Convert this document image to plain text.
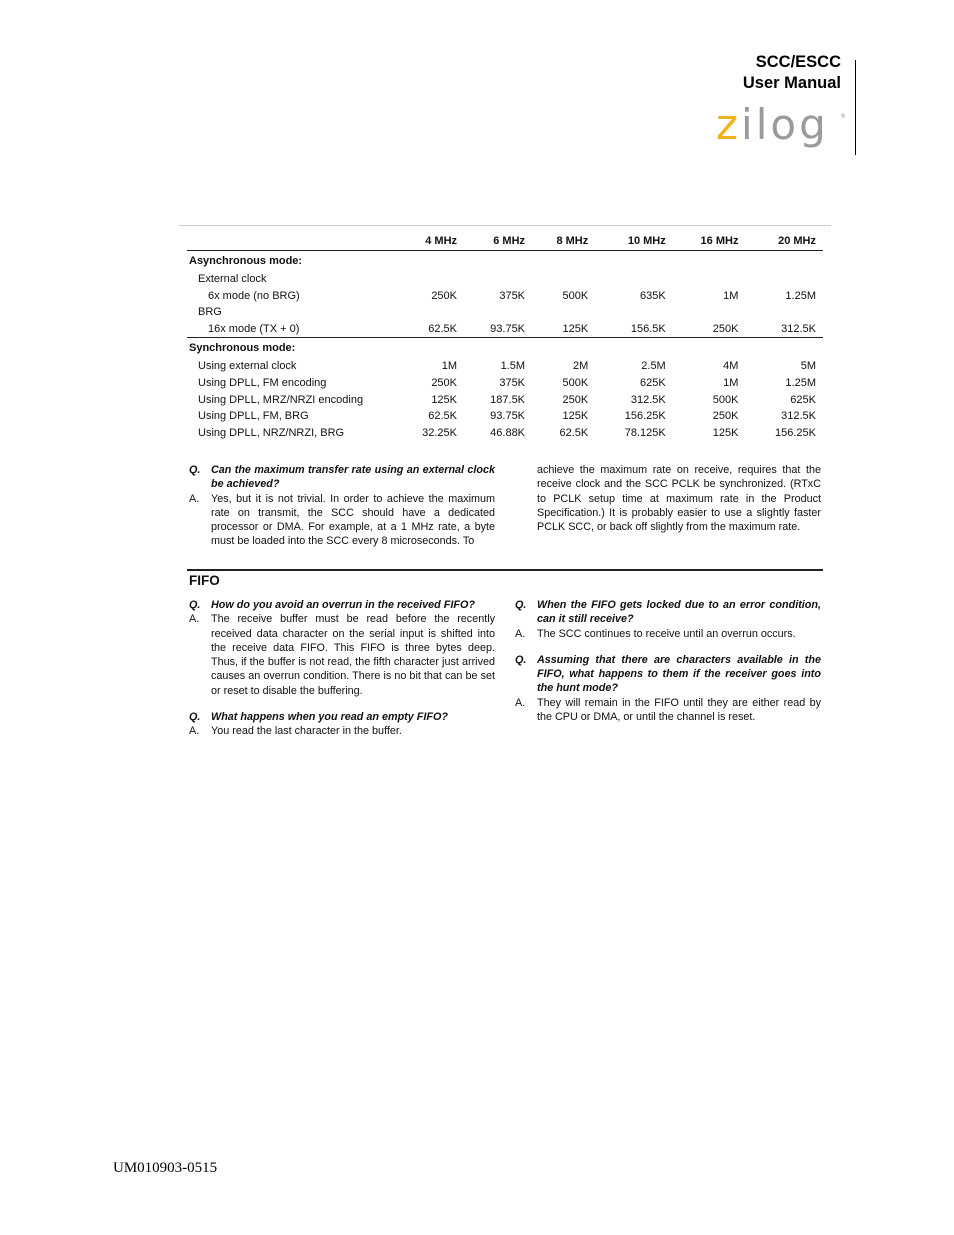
SCC/ESCC
User Manual
zilog ®
	4 MHz	6 MHz	8 MHz	10 MHz	16 MHz	20 MHz
Asynchronous mode:						
External clock						
6x mode (no BRG)	250K	375K	500K	635K	1M	1.25M
BRG						
16x mode (TX + 0)	62.5K	93.75K	125K	156.5K	250K	312.5K
Synchronous mode:						
Using external clock	1M	1.5M	2M	2.5M	4M	5M
Using DPLL, FM encoding	250K	375K	500K	625K	1M	1.25M
Using DPLL, MRZ/NRZI encoding	125K	187.5K	250K	312.5K	500K	625K
Using DPLL, FM, BRG	62.5K	93.75K	125K	156.25K	250K	312.5K
Using DPLL, NRZ/NRZI, BRG	32.25K	46.88K	62.5K	78.125K	125K	156.25K
Q. Can the maximum transfer rate using an external clock be achieved?
A. Yes, but it is not trivial. In order to achieve the maximum rate on transmit, the SCC should have a dedicated processor or DMA. For example, at a 1 MHz rate, a byte must be loaded into the SCC every 8 microseconds. To
achieve the maximum rate on receive, requires that the receive clock and the SCC PCLK be synchronized. (RTxC to PCLK setup time at maximum rate in the Product Specification.) It is probably easier to use a slightly faster PCLK SCC, or back off slightly from the maximum rate.
FIFO
Q. How do you avoid an overrun in the received FIFO?
A. The receive buffer must be read before the recently received data character on the serial input is shifted into the receive data FIFO. This FIFO is three bytes deep. Thus, if the buffer is not read, the fifth character just arrived causes an overrun condition. There is no bit that can be set or reset to disable the buffering.
Q. What happens when you read an empty FIFO?
A. You read the last character in the buffer.
Q. When the FIFO gets locked due to an error condition, can it still receive?
A. The SCC continues to receive until an overrun occurs.
Q. Assuming that there are characters available in the FIFO, what happens to them if the receiver goes into the hunt mode?
A. They will remain in the FIFO until they are either read by the CPU or DMA, or until the channel is reset.
UM010903-0515
